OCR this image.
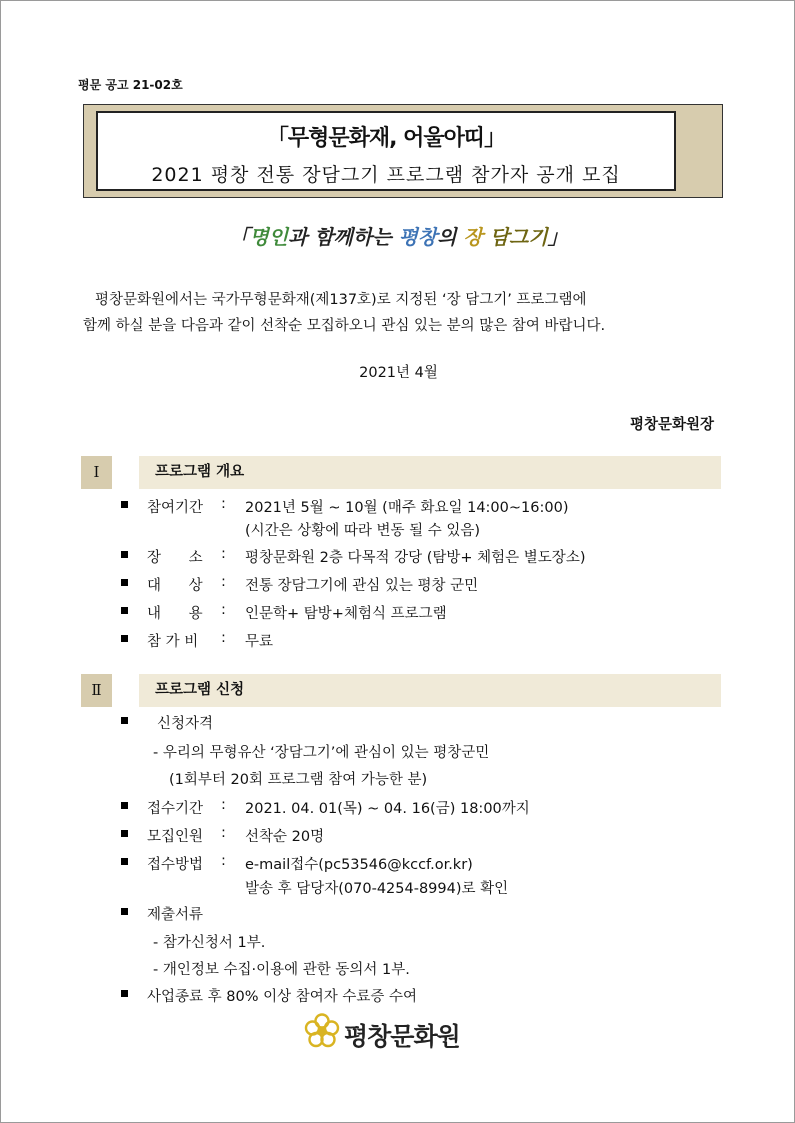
평문 공고 21-02호
「무형문화재, 어울아띠」
2021 평창 전통 장담그기 프로그램 참가자 공개 모집
「명인과 함께하는 평창의 장 담그기」

평창문화원에서는 국가무형문화재(제137호)로 지정된 ‘장 담그기’ 프로그램에

함께 하실 분을 다음과 같이 선착순 모집하오니 관심 있는 분의 많은 참여 바랍니다.

2021년 4월
평창문화원장
Ⅰ	프로그램 개요
참여기간 : 2021년 5월 ~ 10월 (매주 화요일 14:00~16:00)
(시간은 상황에 따라 변동 될 수 있음)
장      소 : 평창문화원 2층 다목적 강당 (탐방+ 체험은 별도장소)
대      상 : 전통 장담그기에 관심 있는 평창 군민
내      용 : 인문학+ 탐방+체험식 프로그램
참 가 비 : 무료
Ⅱ	프로그램 신청
신청자격
- 우리의 무형유산 ‘장담그기’에 관심이 있는 평창군민
(1회부터 20회 프로그램 참여 가능한 분)
접수기간 : 2021. 04. 01(목) ~ 04. 16(금) 18:00까지
모집인원 : 선착순 20명
접수방법 : e-mail접수(pc53546@kccf.or.kr)
발송 후 담당자(070-4254-8994)로 확인
제출서류
- 참가신청서 1부.
- 개인정보 수집·이용에 관한 동의서 1부.
사업종료 후 80% 이상 참여자 수료증 수여
평창문화원
